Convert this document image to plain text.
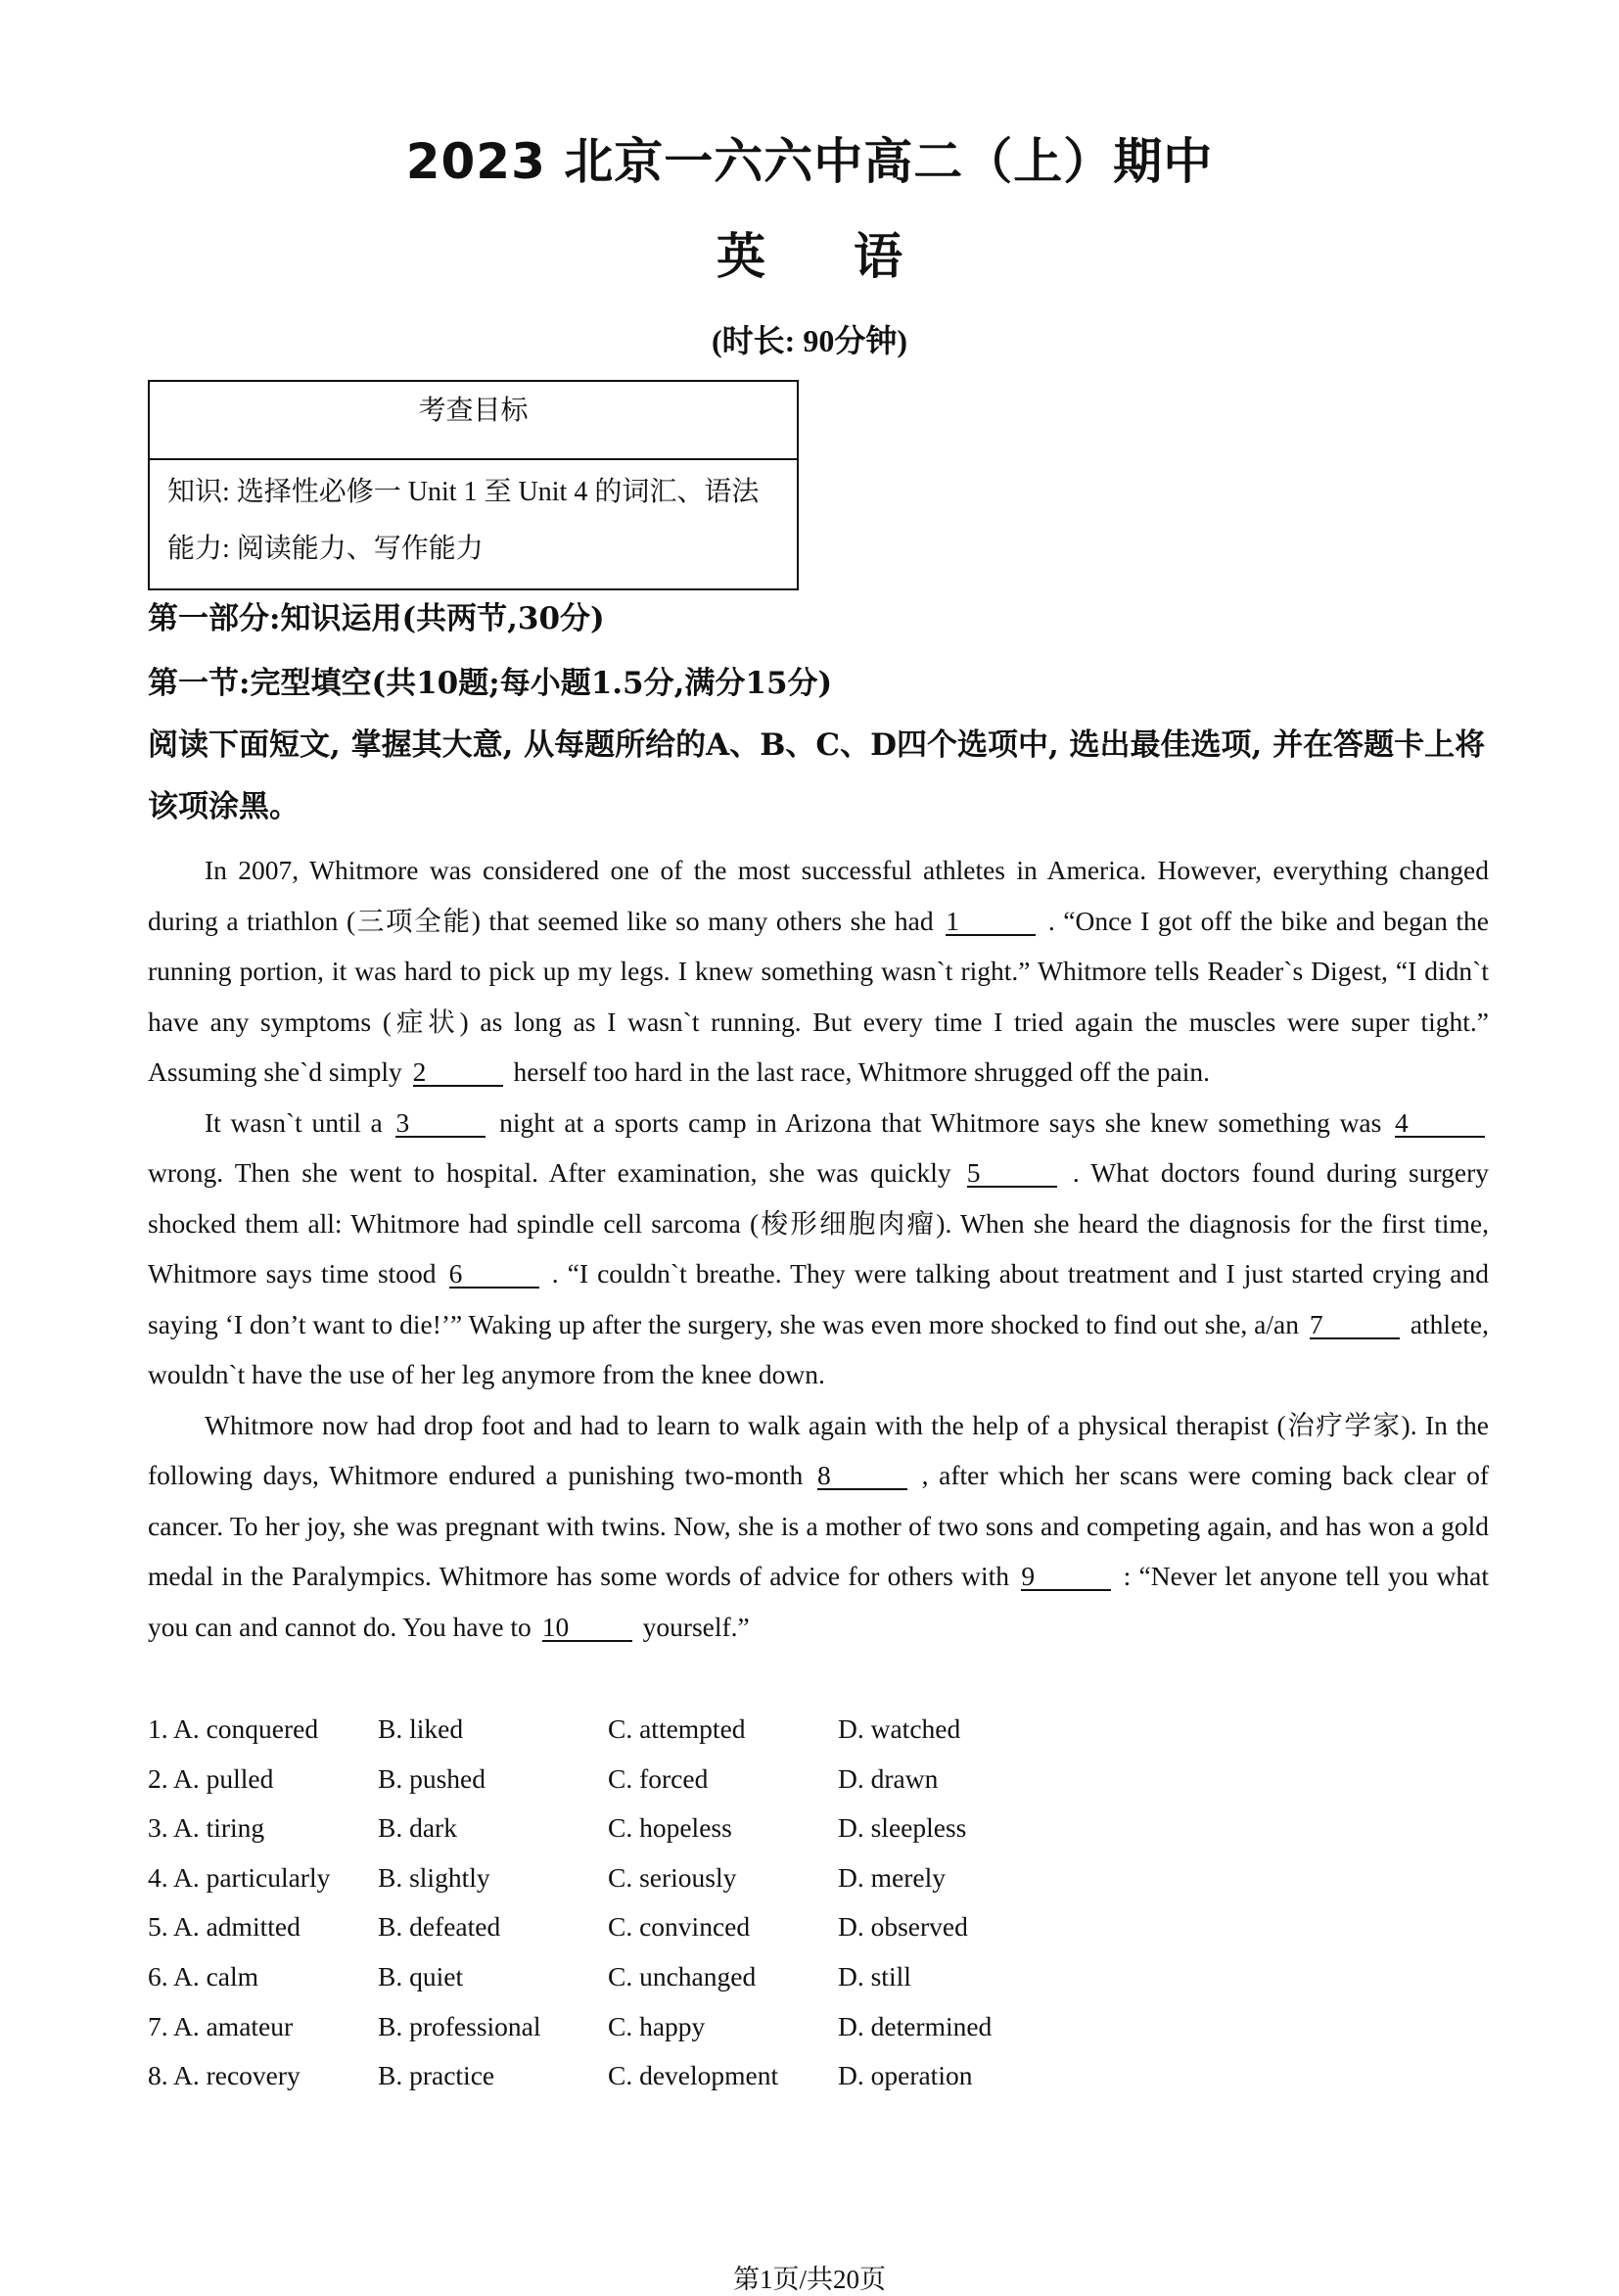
2023 北京一六六中高二（上）期中
英语
(时长: 90分钟)
考查目标
知识: 选择性必修一 Unit 1 至 Unit 4 的词汇、语法
能力: 阅读能力、写作能力
第一部分:知识运用(共两节,30分)
第一节:完型填空(共10题;每小题1.5分,满分15分)
阅读下面短文, 掌握其大意, 从每题所给的A、B、C、D四个选项中, 选出最佳选项, 并在答题卡上将该项涂黑。

In 2007, Whitmore was considered one of the most successful athletes in America. However, everything changed during a triathlon (三项全能) that seemed like so many others she had 1	. “Once I got off the bike and began the running portion, it was hard to pick up my legs. I knew something wasn`t right.” Whitmore tells Reader`s Digest, “I didn`t have any symptoms (症状) as long as I wasn`t running. But every time I tried again the muscles were super tight.” Assuming she`d simply 2	herself too hard in the last race, Whitmore shrugged off the pain.

It wasn`t until a 3	night at a sports camp in Arizona that Whitmore says she knew something was 4 wrong. Then she went to hospital. After examination, she was quickly 5	. What doctors found during surgery shocked them all: Whitmore had spindle cell sarcoma (梭形细胞肉瘤). When she heard the diagnosis for the first time, Whitmore says time stood 6	. “I couldn`t breathe. They were talking about treatment and I just started crying and saying ‘I don’t want to die!’” Waking up after the surgery, she was even more shocked to find out she, a/an 7	athlete, wouldn`t have the use of her leg anymore from the knee down.

Whitmore now had drop foot and had to learn to walk again with the help of a physical therapist (治疗学家). In the following days, Whitmore endured a punishing two-month 8	, after which her scans were coming back clear of cancer. To her joy, she was pregnant with twins. Now, she is a mother of two sons and competing again, and has won a gold medal in the Paralympics. Whitmore has some words of advice for others with 9	: “Never let anyone tell you what you can and cannot do. You have to 10	yourself.”

1. A. conquered B. liked	C. attempted	D. watched
2. A. pulled	B. pushed	C. forced	D. drawn
3. A. tiring	B. dark	C. hopeless	D. sleepless
4. A. particularly B. slightly	C. seriously	D. merely
5. A. admitted	B. defeated	C. convinced	D. observed
6. A. calm	B. quiet	C. unchanged	D. still
7. A. amateur	B. professional C. happy	D. determined
8. A. recovery	B. practice	C. development D. operation
第1页/共20页
